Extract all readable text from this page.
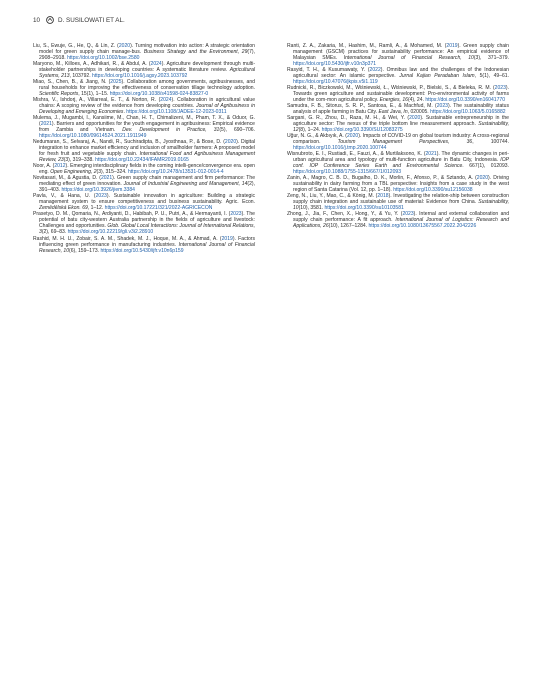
10	D. SUSILOWATI ET AL.

Liu, S., Ewuje, G., He, Q., & Lin, Z. (2020). Turning motivation into action: A strategic orientation model for green supply chain manage-bus. Business Strategy and the Environment, 29(7), 2908–2918. https://doi.org/10.1002/bse.2580

Maryono, M., Killoes, A., Adhikari, R., & Abdul, A. (2024). Agriculture development through multi-stakeholder partnerships in developing countries: A systematic literature review. Agricultural Systems, 213, 103792. https://doi.org/10.1016/j.agsy.2023.103792

Miao, S., Chen, B., & Jiang, N. (2025). Collaboration among governments, agribusinesses, and rural households for improving the effectiveness of conservation tillage technology adoption. Scientific Reports, 15(1), 1–15. https://doi.org/10.1038/s41598-024-83827-0

Mishra, V., Ishdorj, A., Villarreal, E. T., & Norton, R. (2024). Collaboration in agricultural value chains: A scoping review of the evidence from developing countries. Journal of Agribusiness in Developing and Emerging Economies. https://doi.org/10.1108/JADEE-12-2023-0311

Mulema, J., Mugambi, I., Kansiime, M., Chan, H. T., Chimalizeni, M., Pham, T. X., & Oduor, G. (2021). Barriers and opportunities for the youth engagement in agribusiness: Empirical evidence from Zambia and Vietnam. Dev. Development in Practice, 31(5), 690–706. https://doi.org/10.1080/09614524.2021.1911949

Nedumaran, S., Selvaraj, A., Nandi, R., Suchiradipta, B., Jyosthnaa, P., & Bose, D. (2020). Digital integration to enhance market efficiency and inclusion of smallholder farmers: A proposed model for fresh fruit and vegetable supply chain. International Food and Agribusiness Management Review, 23(3), 319–338. https://doi.org/10.22434/IFAMR2019.0165

Noor, A. (2012). Emerging interdisciplinary fields in the coming intelli-gence/convergence era. open eng. Open Engineering, 2(3), 315–324. https://doi.org/10.2478/s13531-012-0014-4

Novitasari, M., & Agustia, D. (2021). Green supply chain management and firm performance: The mediating effect of green innovation. Journal of Industrial Engineering and Management, 14(2), 391–403. https://doi.org/10.3926/jiem.3384

Pavla, V., & Hana, U. (2023). Sustainable innovation in agriculture: Building a strategic management system to ensure competitiveness and business sustainability. Agric. Econ. Zemědělská Ekon. 69, 1–12. https://doi.org/10.17221/321/2022-AGRICECON

Prasetyo, D. M., Qomaria, N., Ardiyanti, D., Habibah, P. U., Putri, A., & Hermayanti, I. (2023). The potential of batu city-western Australia partnership in the fields of agriculture and livestock: Challenges and opportunities. Glob. Global Local Interactions: Journal of International Relations, 3(2), 69–83. https://doi.org/10.22219/gli.v3i2.28910

Rashid, M. H. U., Zobair, S. A. M., Shadek, M. J., Hoque, M. A., & Ahmad, A. (2019). Factors influencing green performance in manufacturing industries. International Journal of Financial Research, 10(6), 159–173. https://doi.org/10.5430/ijfr.v10n6p159

Ranti, Z. A., Zakaria, M., Hashim, M., Ramli, A., & Mohamed, M. (2019). Green supply chain management (GSCM) practices for sustainability performance: An empirical evidence of Malaysian SMEs. International Journal of Financial Research, 10(3), 371–379. https://doi.org/10.5430/ijfr.v10n3p371

Rasyid, T. H., & Kusumawaty, Y. (2022). Omnibus law and the challenges of the Indonesian agricultural sector: An islamic perspective. Jurnal Kajian Peradaban Islam, 5(1), 49–61. https://doi.org/10.47076/jkpis.v5i1.119

Rudnicki, R., Biczkowski, M., Wiśniewski, Ł., Wiśniewski, P., Bielski, S., & Bieleka, R. M. (2023). Towards green agriculture and sustainable development: Pro-environmental activity of farms under the com-mon agricultural policy. Energies, 16(4), 24. https://doi.org/10.3390/en16041770

Samudra, F. B., Sitorus, S. R. P., Santosa, E., & Machfud, M. (2023). The sustainability status analysis of apple farming in Batu City. East Java, In, 020005. https://doi.org/10.1063/5.0165882

Sargani, G. R., Zhou, D., Raza, M. H., & Wei, Y. (2020). Sustainable entrepreneurship in the agriculture sector: The nexus of the triple bottom line measurement approach. Sustainability, 12(8), 1–24. https://doi.org/10.3390/SU12083275

Uğur, N. G., & Akbıyık, A. (2020). Impacts of COVID-19 on global tourism industry: A cross-regional comparison. Tourism Management Perspectives, 36, 100744. https://doi.org/10.1016/j.tmp.2020.100744

Wisnubroto, E. I., Rustiadi, E., Fauzi, A., & Murtilaksono, K. (2021). The dynamic changes in peri-urban agricultural area and typology of multi-function agriculture in Batu City, Indonesia. IOP conf. IOP Conference Series Earth and Environmental Science. 667(1), 012093. https://doi.org/10.1088/1755-1315/667/1/012093

Zanin, A., Magro, C. B. D., Bugalho, D. K., Morlin, F., Afonso, P., & Sztando, A. (2020). Driving sustainability in dairy farming from a TBL perspective: Insights from a case study in the west region of Santa Catarina (Vol. 12, pp. 1–18). https://doi.org/10.3390/su12156038

Zeng, N., Liu, Y., Mao, C., & König, M. (2018). Investigating the relation-ship between construction supply chain integration and sustainable use of material: Evidence from China. Sustainability, 10(10), 3581. https://doi.org/10.3390/su10103581

Zhong, J., Jia, F., Chen, X., Hong, Y., & Yu, Y. (2023). Internal and external collaboration and supply chain performance: A fit approach. International Journal of Logistics: Research and Applications, 26(10), 1267–1284. https://doi.org/10.1080/13675567.2022.2042226
